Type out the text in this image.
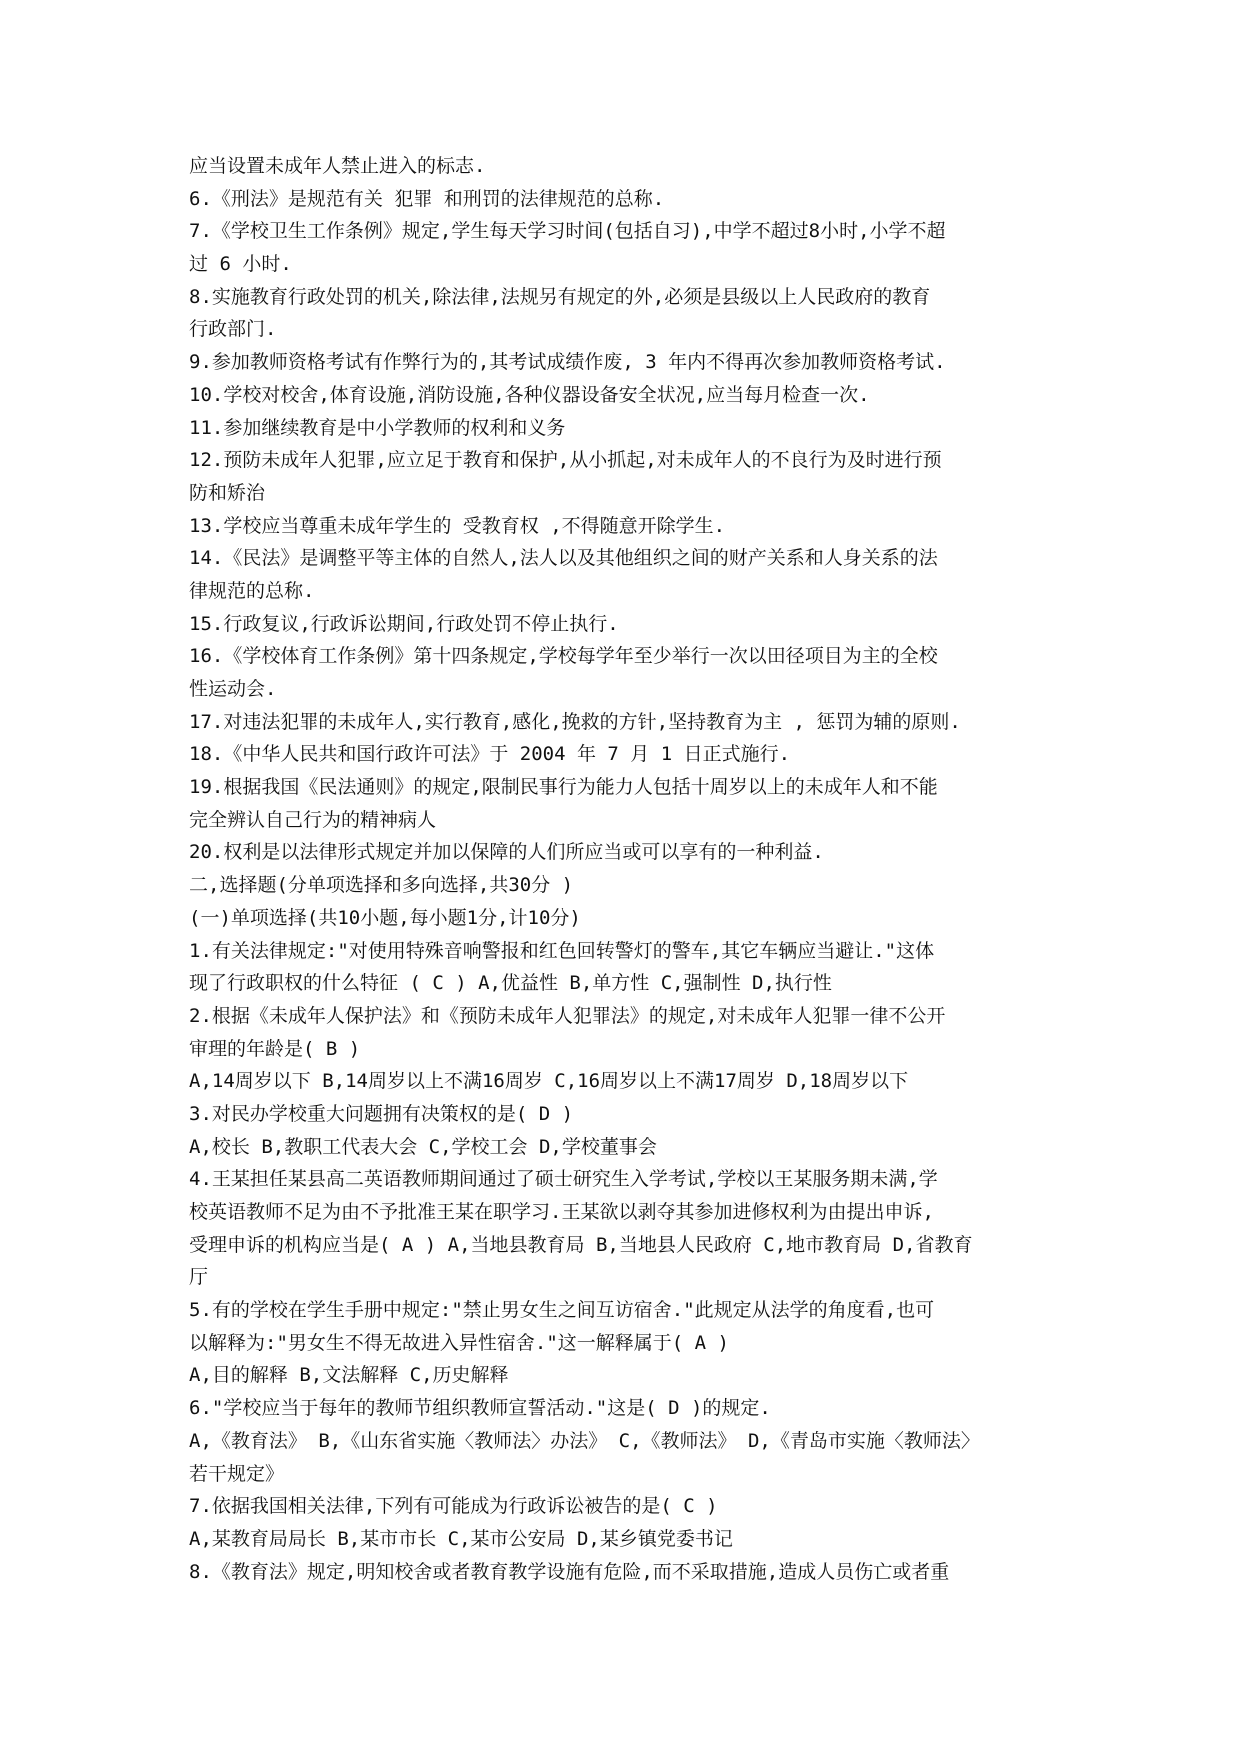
应当设置未成年人禁止进入的标志.
6.《刑法》是规范有关 犯罪 和刑罚的法律规范的总称.
7.《学校卫生工作条例》规定,学生每天学习时间(包括自习),中学不超过8小时,小学不超
过 6 小时.
8.实施教育行政处罚的机关,除法律,法规另有规定的外,必须是县级以上人民政府的教育
行政部门.
9.参加教师资格考试有作弊行为的,其考试成绩作废, 3 年内不得再次参加教师资格考试.
10.学校对校舍,体育设施,消防设施,各种仪器设备安全状况,应当每月检查一次.
11.参加继续教育是中小学教师的权利和义务
12.预防未成年人犯罪,应立足于教育和保护,从小抓起,对未成年人的不良行为及时进行预
防和矫治
13.学校应当尊重未成年学生的 受教育权 ,不得随意开除学生.
14.《民法》是调整平等主体的自然人,法人以及其他组织之间的财产关系和人身关系的法
律规范的总称.
15.行政复议,行政诉讼期间,行政处罚不停止执行.
16.《学校体育工作条例》第十四条规定,学校每学年至少举行一次以田径项目为主的全校
性运动会.
17.对违法犯罪的未成年人,实行教育,感化,挽救的方针,坚持教育为主 , 惩罚为辅的原则.
18.《中华人民共和国行政许可法》于 2004 年 7 月 1 日正式施行.
19.根据我国《民法通则》的规定,限制民事行为能力人包括十周岁以上的未成年人和不能
完全辨认自己行为的精神病人
20.权利是以法律形式规定并加以保障的人们所应当或可以享有的一种利益.
二,选择题(分单项选择和多向选择,共30分 )
(一)单项选择(共10小题,每小题1分,计10分)
1.有关法律规定:"对使用特殊音响警报和红色回转警灯的警车,其它车辆应当避让."这体
现了行政职权的什么特征 ( C ) A,优益性 B,单方性 C,强制性 D,执行性
2.根据《未成年人保护法》和《预防未成年人犯罪法》的规定,对未成年人犯罪一律不公开
审理的年龄是( B )
A,14周岁以下 B,14周岁以上不满16周岁 C,16周岁以上不满17周岁 D,18周岁以下
3.对民办学校重大问题拥有决策权的是( D )
A,校长 B,教职工代表大会 C,学校工会 D,学校董事会
4.王某担任某县高二英语教师期间通过了硕士研究生入学考试,学校以王某服务期未满,学
校英语教师不足为由不予批准王某在职学习.王某欲以剥夺其参加进修权利为由提出申诉,
受理申诉的机构应当是( A ) A,当地县教育局 B,当地县人民政府 C,地市教育局 D,省教育
厅
5.有的学校在学生手册中规定:"禁止男女生之间互访宿舍."此规定从法学的角度看,也可
以解释为:"男女生不得无故进入异性宿舍."这一解释属于( A )
A,目的解释 B,文法解释 C,历史解释
6."学校应当于每年的教师节组织教师宣誓活动."这是( D )的规定.
A,《教育法》 B,《山东省实施〈教师法〉办法》 C,《教师法》 D,《青岛市实施〈教师法〉
若干规定》
7.依据我国相关法律,下列有可能成为行政诉讼被告的是( C )
A,某教育局局长 B,某市市长 C,某市公安局 D,某乡镇党委书记
8.《教育法》规定,明知校舍或者教育教学设施有危险,而不采取措施,造成人员伤亡或者重
